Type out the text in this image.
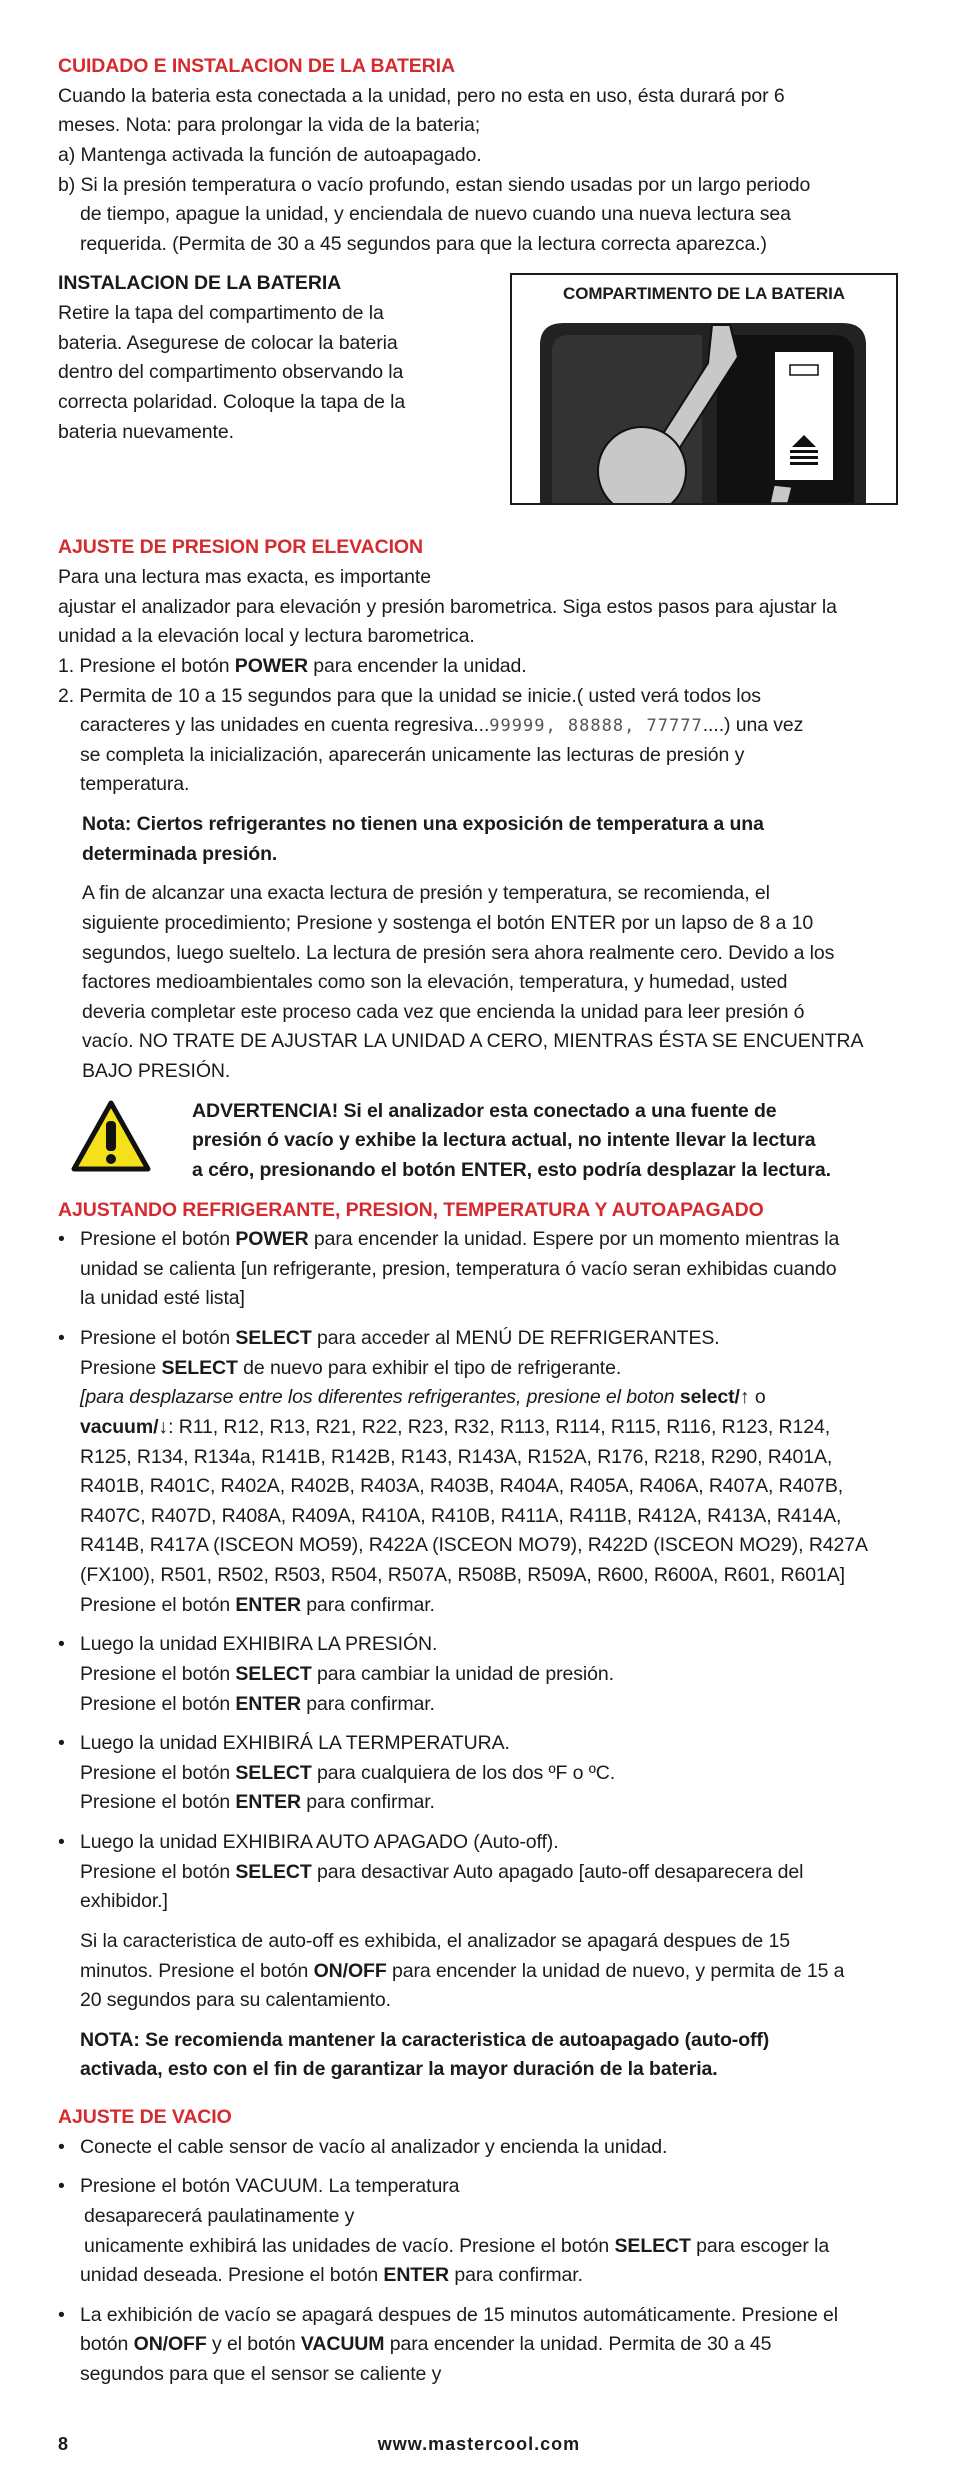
CUIDADO E INSTALACION DE LA BATERIA

Cuando la bateria esta conectada a la unidad, pero no esta en uso, ésta durará por 6

meses. Nota: para prolongar la vida de la bateria;

a) Mantenga activada la función de autoapagado.

b) Si la presión temperatura o vacío profundo, estan siendo usadas por un largo periodo

de tiempo, apague la unidad, y enciendala de nuevo cuando una nueva lectura sea

requerida. (Permita de 30 a 45 segundos para que la lectura correcta aparezca.)

INSTALACION DE LA BATERIA

Retire la tapa del compartimento de la

bateria. Asegurese de colocar la bateria

dentro del compartimento observando la

correcta polaridad. Coloque la tapa de la

bateria nuevamente.

COMPARTIMENTO DE LA BATERIA

AJUSTE DE PRESION POR ELEVACION

Para una lectura mas exacta, es importante

ajustar el analizador para elevación y presión barometrica. Siga estos pasos para ajustar la

unidad a la elevación local y lectura barometrica.

1. Presione el botón POWER para encender la unidad.

2. Permita de 10 a 15 segundos para que la unidad se inicie.( usted verá todos los

caracteres y las unidades en cuenta regresiva...99999, 88888, 77777....) una vez

se completa la inicialización, aparecerán unicamente las lecturas de presión y

temperatura.

Nota: Ciertos refrigerantes no tienen una exposición de temperatura a una

determinada presión.

A fin de alcanzar una exacta lectura de presión y temperatura, se recomienda, el

siguiente procedimiento; Presione y sostenga el botón ENTER por un lapso de 8 a 10

segundos, luego sueltelo. La lectura de presión sera ahora realmente cero. Devido a los

factores medioambientales como son la elevación, temperatura, y humedad, usted

deveria completar este proceso cada vez que encienda la unidad para leer presión ó

vacío. NO TRATE DE AJUSTAR LA UNIDAD A CERO, MIENTRAS ÉSTA SE ENCUENTRA

BAJO PRESIÓN.

ADVERTENCIA! Si el analizador esta conectado a una fuente de

presión ó vacío y exhibe la lectura actual, no intente llevar la lectura

a céro, presionando el botón ENTER, esto podría desplazar la lectura.

AJUSTANDO REFRIGERANTE, PRESION, TEMPERATURA Y AUTOAPAGADO

• Presione el botón POWER para encender la unidad. Espere por un momento mientras la

unidad se calienta [un refrigerante, presion, temperatura ó vacío seran exhibidas cuando

la unidad esté lista]

• Presione el botón SELECT para acceder al MENÚ DE REFRIGERANTES.

Presione SELECT de nuevo para exhibir el tipo de refrigerante.

[para desplazarse entre los diferentes refrigerantes, presione el boton select/↑ o

vacuum/↓: R11, R12, R13, R21, R22, R23, R32, R113, R114, R115, R116, R123, R124,

R125, R134, R134a, R141B, R142B, R143, R143A, R152A, R176, R218, R290, R401A,

R401B, R401C, R402A, R402B, R403A, R403B, R404A, R405A, R406A, R407A, R407B,

R407C, R407D, R408A, R409A, R410A, R410B, R411A, R411B, R412A, R413A, R414A,

R414B, R417A (ISCEON MO59), R422A (ISCEON MO79), R422D (ISCEON MO29), R427A

(FX100), R501, R502, R503, R504, R507A, R508B, R509A, R600, R600A, R601, R601A]

Presione el botón ENTER para confirmar.

• Luego la unidad EXHIBIRA LA PRESIÓN.

Presione el botón SELECT para cambiar la unidad de presión.

Presione el botón ENTER para confirmar.

• Luego la unidad EXHIBIRÁ LA TERMPERATURA.

Presione el botón SELECT para cualquiera de los dos ºF o ºC.

Presione el botón ENTER para confirmar.

• Luego la unidad EXHIBIRA AUTO APAGADO (Auto-off).

Presione el botón SELECT para desactivar Auto apagado [auto-off desaparecera del

exhibidor.]

Si la caracteristica de auto-off es exhibida, el analizador se apagará despues de 15

minutos. Presione el botón ON/OFF para encender la unidad de nuevo, y permita de 15 a

20 segundos para su calentamiento.

NOTA: Se recomienda mantener la caracteristica de autoapagado (auto-off)

activada, esto con el fin de garantizar la mayor duración de la bateria.

AJUSTE DE VACIO

• Conecte el cable sensor de vacío al analizador y encienda la unidad.

• Presione el botón VACUUM. La temperatura

desaparecerá paulatinamente y

unicamente exhibirá las unidades de vacío. Presione el botón SELECT para escoger la

unidad deseada. Presione el botón ENTER para confirmar.

• La exhibición de vacío se apagará despues de 15 minutos automáticamente. Presione el

botón ON/OFF y el botón VACUUM para encender la unidad. Permita de 30 a 45

segundos para que el sensor se caliente y

8	www.mastercool.com
